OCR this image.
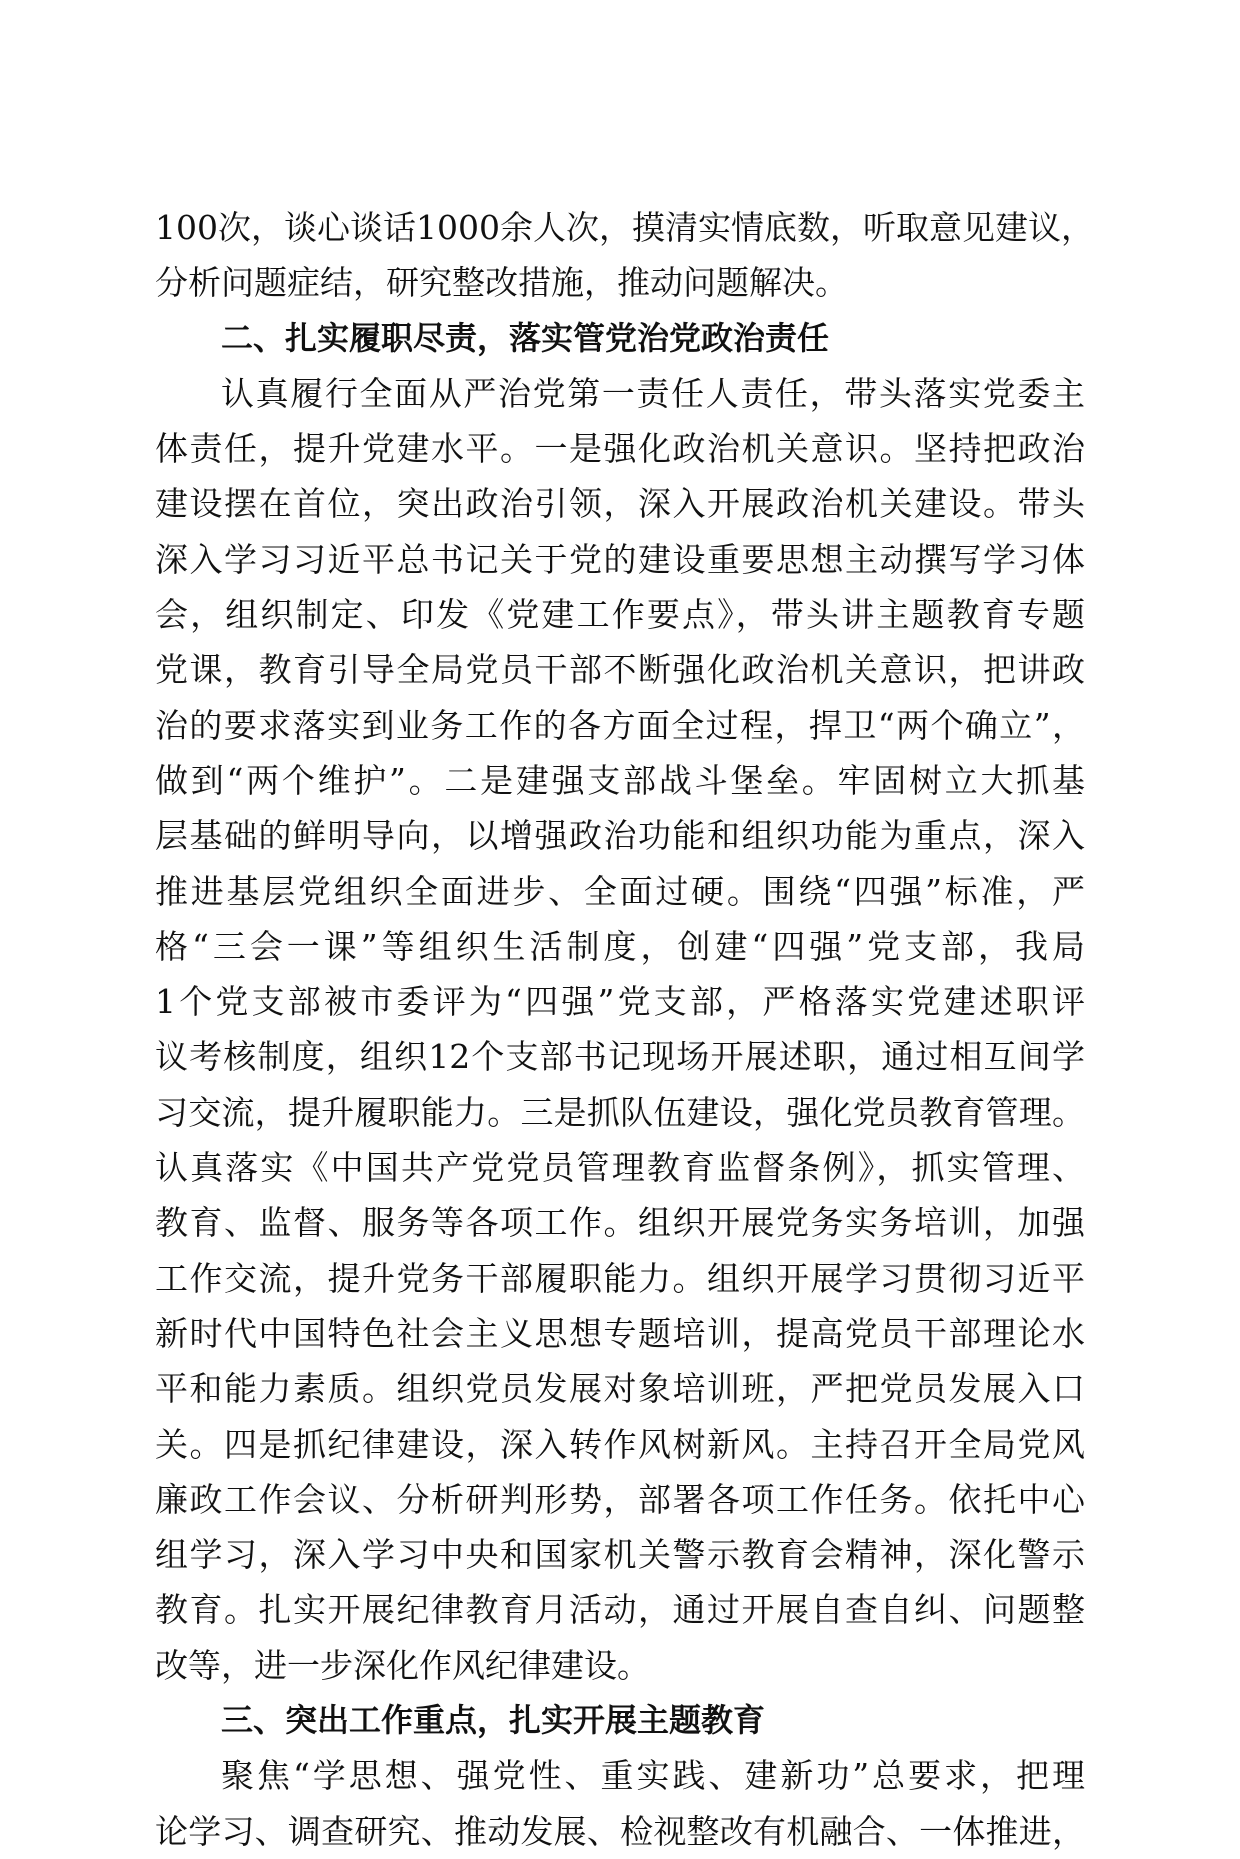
100次，谈心谈话1000余人次，摸清实情底数，听取意见建议，
分析问题症结，研究整改措施，推动问题解决。
二、扎实履职尽责，落实管党治党政治责任
认真履行全面从严治党第一责任人责任，带头落实党委主
体责任，提升党建水平。一是强化政治机关意识。坚持把政治
建设摆在首位，突出政治引领，深入开展政治机关建设。带头
深入学习习近平总书记关于党的建设重要思想主动撰写学习体
会，组织制定、印发《党建工作要点》，带头讲主题教育专题
党课，教育引导全局党员干部不断强化政治机关意识，把讲政
治的要求落实到业务工作的各方面全过程，捍卫“两个确立”，
做到“两个维护”。二是建强支部战斗堡垒。牢固树立大抓基
层基础的鲜明导向，以增强政治功能和组织功能为重点，深入
推进基层党组织全面进步、全面过硬。围绕“四强”标准，严
格“三会一课”等组织生活制度，创建“四强”党支部，我局
1个党支部被市委评为“四强”党支部，严格落实党建述职评
议考核制度，组织12个支部书记现场开展述职，通过相互间学
习交流，提升履职能力。三是抓队伍建设，强化党员教育管理。
认真落实《中国共产党党员管理教育监督条例》，抓实管理、
教育、监督、服务等各项工作。组织开展党务实务培训，加强
工作交流，提升党务干部履职能力。组织开展学习贯彻习近平
新时代中国特色社会主义思想专题培训，提高党员干部理论水
平和能力素质。组织党员发展对象培训班，严把党员发展入口
关。四是抓纪律建设，深入转作风树新风。主持召开全局党风
廉政工作会议、分析研判形势，部署各项工作任务。依托中心
组学习，深入学习中央和国家机关警示教育会精神，深化警示
教育。扎实开展纪律教育月活动，通过开展自查自纠、问题整
改等，进一步深化作风纪律建设。
三、突出工作重点，扎实开展主题教育
聚焦“学思想、强党性、重实践、建新功”总要求，把理
论学习、调查研究、推动发展、检视整改有机融合、一体推进，
